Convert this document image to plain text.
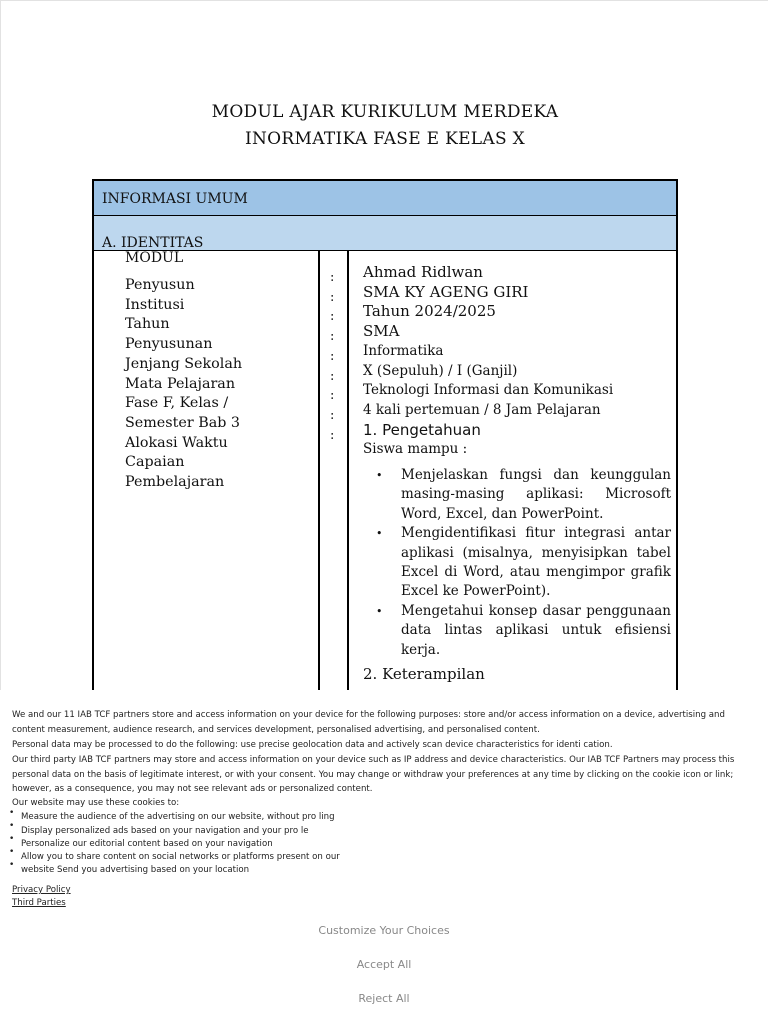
MODUL AJAR KURIKULUM MERDEKA
INORMATIKA FASE E KELAS X
INFORMASI UMUM
A. IDENTITAS
MODUL
Penyusun
Institusi
Tahun
Penyusunan
Jenjang Sekolah
Mata Pelajaran
Fase F, Kelas /
Semester Bab 3
Alokasi Waktu
Capaian
Pembelajaran
:
:
:
:
:
:
:
:
:
Ahmad Ridlwan
SMA KY AGENG GIRI
Tahun 2024/2025
SMA
Informatika
X (Sepuluh) / I (Ganjil)
Teknologi Informasi dan Komunikasi
4 kali pertemuan / 8 Jam Pelajaran
1. Pengetahuan
Siswa mampu :
• Menjelaskan fungsi dan keunggulan masing-masing aplikasi: Microsoft Word, Excel, dan PowerPoint.
• Mengidentifikasi fitur integrasi antar aplikasi (misalnya, menyisipkan tabel Excel di Word, atau mengimpor grafik Excel ke PowerPoint).
• Mengetahui konsep dasar penggunaan data lintas aplikasi untuk efisiensi kerja.
2. Keterampilan
We and our 11 IAB TCF partners store and access information on your device for the following purposes: store and/or access information on a device, advertising and content measurement, audience research, and services development, personalised advertising, and personalised content.
Personal data may be processed to do the following: use precise geolocation data and actively scan device characteristics for identi cation.
Our third party IAB TCF partners may store and access information on your device such as IP address and device characteristics. Our IAB TCF Partners may process this personal data on the basis of legitimate interest, or with your consent. You may change or withdraw your preferences at any time by clicking on the cookie icon or link; however, as a consequence, you may not see relevant ads or personalized content.
Our website may use these cookies to:
•
•
•
•
•
Measure the audience of the advertising on our website, without pro ling
Display personalized ads based on your navigation and your pro le
Personalize our editorial content based on your navigation
Allow you to share content on social networks or platforms present on our
website Send you advertising based on your location
Privacy Policy
Third Parties
Customize Your Choices
Accept All
Reject All
